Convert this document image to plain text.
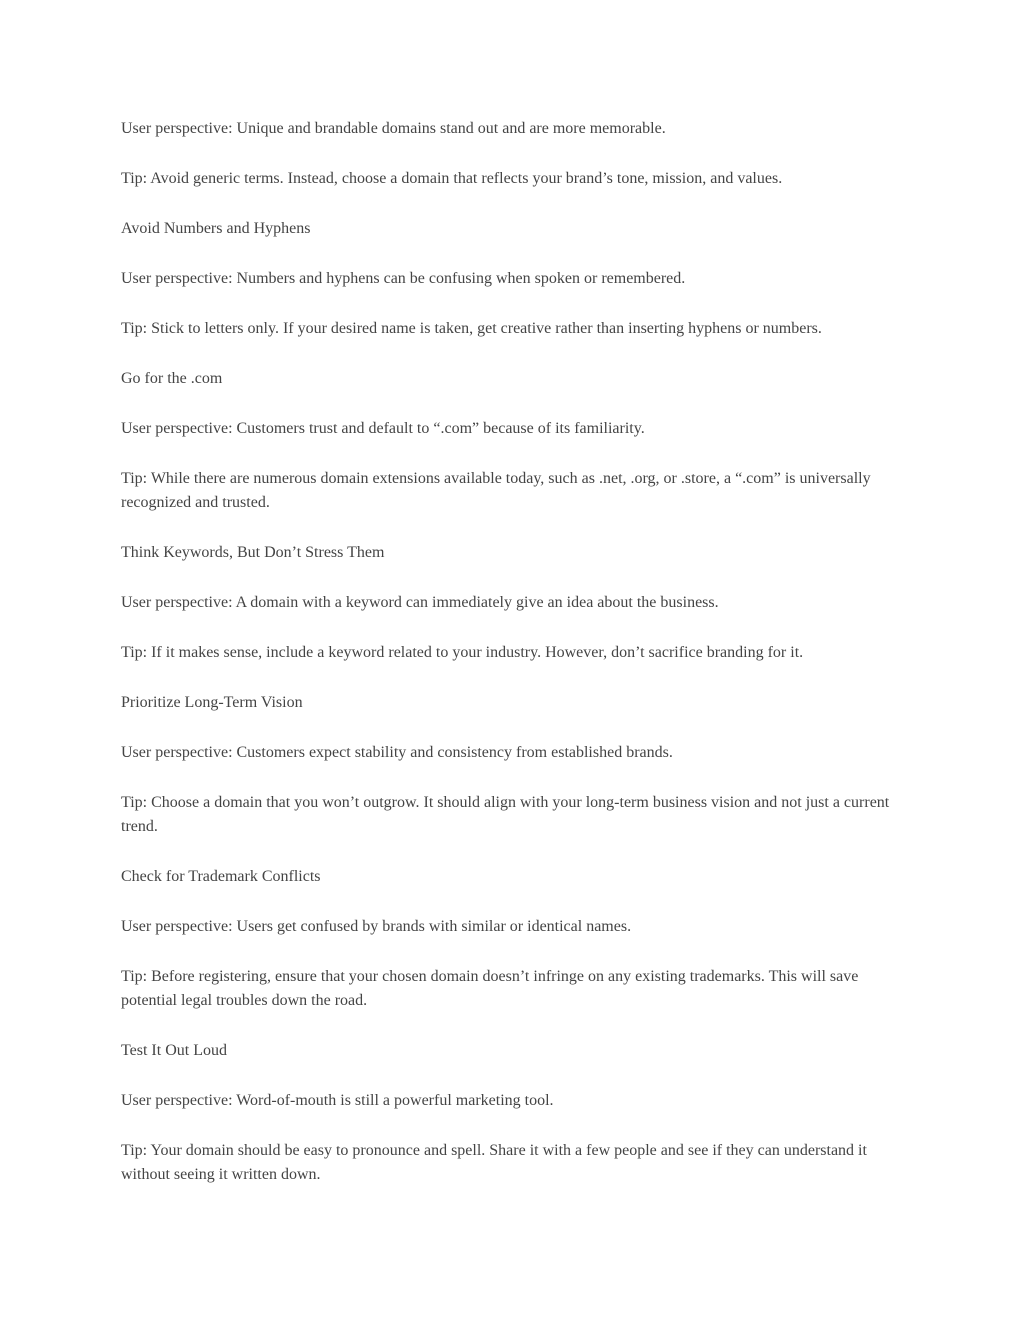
User perspective: Unique and brandable domains stand out and are more memorable.

Tip: Avoid generic terms. Instead, choose a domain that reflects your brand’s tone, mission, and values.

Avoid Numbers and Hyphens

User perspective: Numbers and hyphens can be confusing when spoken or remembered.

Tip: Stick to letters only. If your desired name is taken, get creative rather than inserting hyphens or numbers.

Go for the .com

User perspective: Customers trust and default to “.com” because of its familiarity.

Tip: While there are numerous domain extensions available today, such as .net, .org, or .store, a “.com” is universally recognized and trusted.

Think Keywords, But Don’t Stress Them

User perspective: A domain with a keyword can immediately give an idea about the business.

Tip: If it makes sense, include a keyword related to your industry. However, don’t sacrifice branding for it.

Prioritize Long-Term Vision

User perspective: Customers expect stability and consistency from established brands.

Tip: Choose a domain that you won’t outgrow. It should align with your long-term business vision and not just a current trend.

Check for Trademark Conflicts

User perspective: Users get confused by brands with similar or identical names.

Tip: Before registering, ensure that your chosen domain doesn’t infringe on any existing trademarks. This will save potential legal troubles down the road.

Test It Out Loud

User perspective: Word-of-mouth is still a powerful marketing tool.

Tip: Your domain should be easy to pronounce and spell. Share it with a few people and see if they can understand it without seeing it written down.
